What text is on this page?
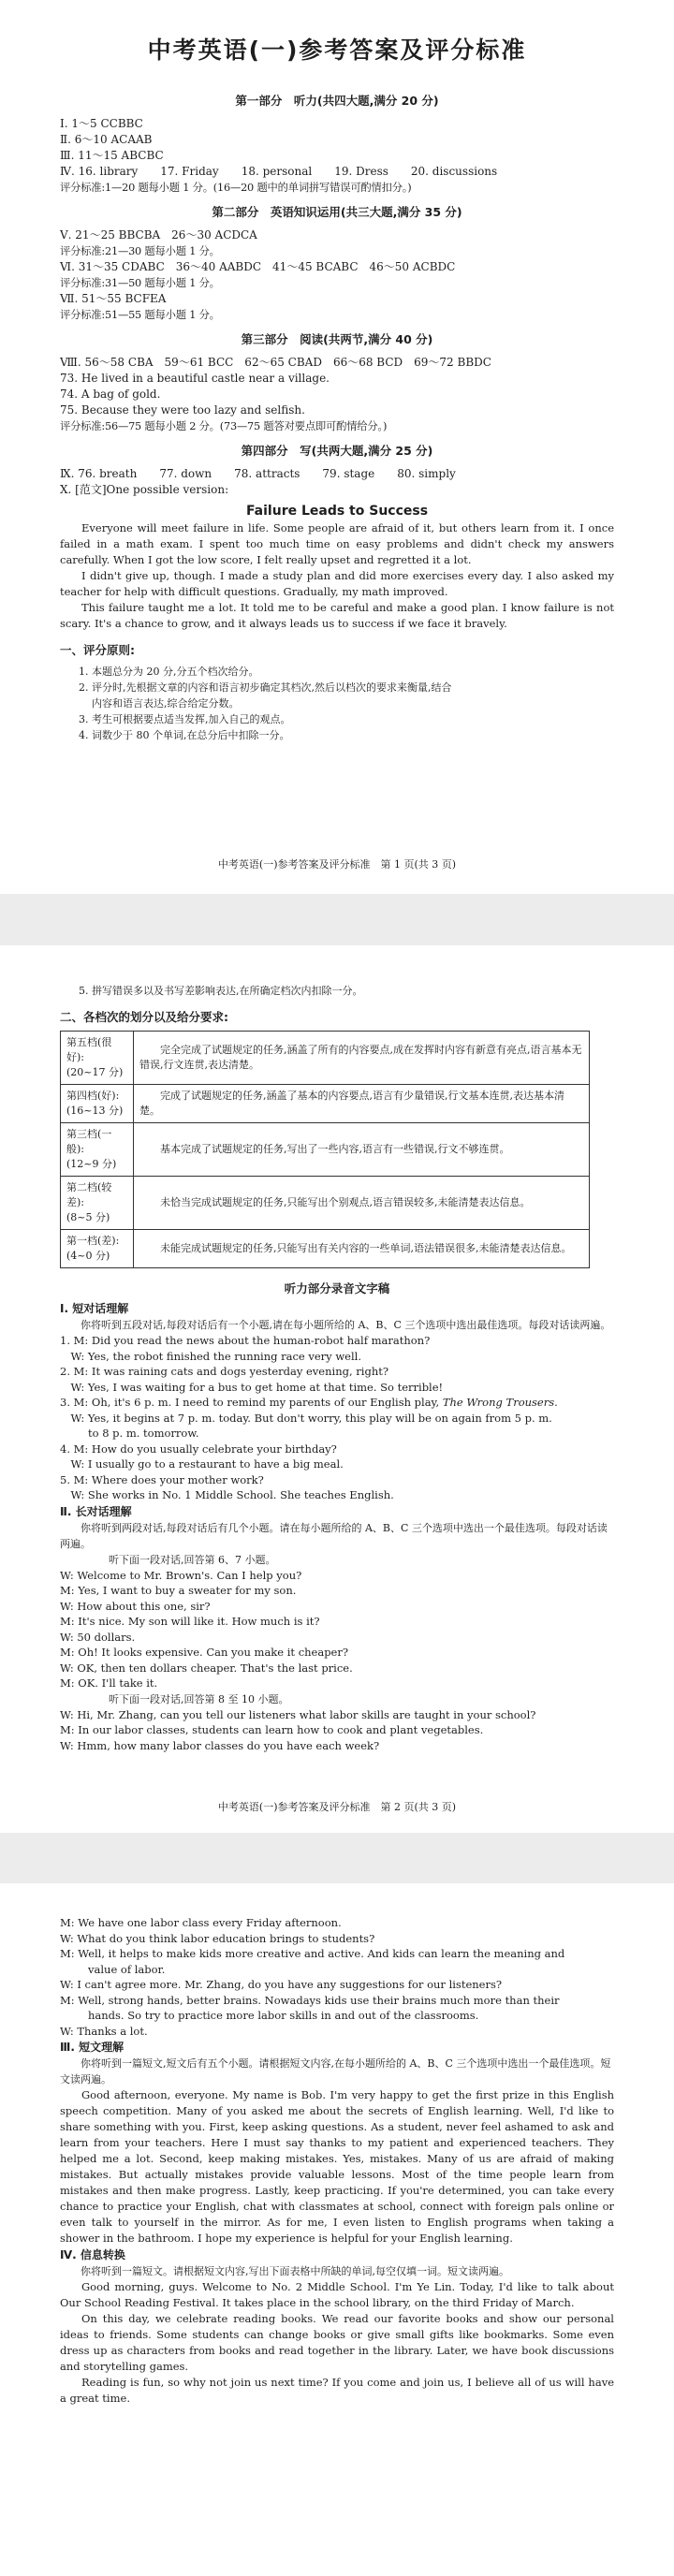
中考英语(一)参考答案及评分标准
第一部分　听力(共四大题,满分 20 分)
Ⅰ. 1～5 CCBBC
Ⅱ. 6～10 ACAAB
Ⅲ. 11～15 ABCBC
Ⅳ. 16. library　　17. Friday　　18. personal　　19. Dress　　20. discussions
评分标准:1—20 题每小题 1 分。(16—20 题中的单词拼写错误可酌情扣分。)
第二部分　英语知识运用(共三大题,满分 35 分)
Ⅴ. 21～25 BBCBA　26～30 ACDCA
评分标准:21—30 题每小题 1 分。
Ⅵ. 31～35 CDABC　36～40 AABDC　41～45 BCABC　46～50 ACBDC
评分标准:31—50 题每小题 1 分。
Ⅶ. 51～55 BCFEA
评分标准:51—55 题每小题 1 分。
第三部分　阅读(共两节,满分 40 分)
Ⅷ. 56～58 CBA　59～61 BCC　62～65 CBAD　66～68 BCD　69～72 BBDC
73. He lived in a beautiful castle near a village.
74. A bag of gold.
75. Because they were too lazy and selfish.
评分标准:56—75 题每小题 2 分。(73—75 题答对要点即可酌情给分。)
第四部分　写(共两大题,满分 25 分)
Ⅸ. 76. breath　　77. down　　78. attracts　　79. stage　　80. simply
Ⅹ. [范文]One possible version:
Failure Leads to Success

Everyone will meet failure in life. Some people are afraid of it, but others learn from it. I once failed in a math exam. I spent too much time on easy problems and didn't check my answers carefully. When I got the low score, I felt really upset and regretted it a lot.

I didn't give up, though. I made a study plan and did more exercises every day. I also asked my teacher for help with difficult questions. Gradually, my math improved.

This failure taught me a lot. It told me to be careful and make a good plan. I know failure is not scary. It's a chance to grow, and it always leads us to success if we face it bravely.

一、评分原则:
1. 本题总分为 20 分,分五个档次给分。
2. 评分时,先根据文章的内容和语言初步确定其档次,然后以档次的要求来衡量,结合
内容和语言表达,综合给定分数。
3. 考生可根据要点适当发挥,加入自己的观点。
4. 词数少于 80 个单词,在总分后中扣除一分。
中考英语(一)参考答案及评分标准　第 1 页(共 3 页)
5. 拼写错误多以及书写差影响表达,在所确定档次内扣除一分。
二、各档次的划分以及给分要求:
第五档(很好):
(20~17 分)	完全完成了试题规定的任务,涵盖了所有的内容要点,成在发挥时内容有新意有亮点,语言基本无错误,行文连贯,表达清楚。

第四档(好):
(16~13 分)	完成了试题规定的任务,涵盖了基本的内容要点,语言有少量错误,行文基本连贯,表达基本清楚。

第三档(一般):
(12~9 分)	基本完成了试题规定的任务,写出了一些内容,语言有一些错误,行文不够连贯。

第二档(较差):
(8~5 分)	未恰当完成试题规定的任务,只能写出个别观点,语言错误较多,未能清楚表达信息。

第一档(差):
(4~0 分)	未能完成试题规定的任务,只能写出有关内容的一些单词,语法错误很多,未能清楚表达信息。
听力部分录音文字稿
Ⅰ. 短对话理解
你将听到五段对话,每段对话后有一个小题,请在每小题所给的 A、B、C 三个选项中选出最佳选项。每段对话读两遍。
1. M: Did you read the news about the human-robot half marathon?
　W: Yes, the robot finished the running race very well.
2. M: It was raining cats and dogs yesterday evening, right?
　W: Yes, I was waiting for a bus to get home at that time. So terrible!
3. M: Oh, it's 6 p. m. I need to remind my parents of our English play, The Wrong Trousers.
　W: Yes, it begins at 7 p. m. today. But don't worry, this play will be on again from 5 p. m.
to 8 p. m. tomorrow.
4. M: How do you usually celebrate your birthday?
　W: I usually go to a restaurant to have a big meal.
5. M: Where does your mother work?
　W: She works in No. 1 Middle School. She teaches English.
Ⅱ. 长对话理解
你将听到两段对话,每段对话后有几个小题。请在每小题所给的 A、B、C 三个选项中选出一个最佳选项。每段对话读两遍。
听下面一段对话,回答第 6、7 小题。
W: Welcome to Mr. Brown's. Can I help you?
M: Yes, I want to buy a sweater for my son.
W: How about this one, sir?
M: It's nice. My son will like it. How much is it?
W: 50 dollars.
M: Oh! It looks expensive. Can you make it cheaper?
W: OK, then ten dollars cheaper. That's the last price.
M: OK. I'll take it.
听下面一段对话,回答第 8 至 10 小题。
W: Hi, Mr. Zhang, can you tell our listeners what labor skills are taught in your school?
M: In our labor classes, students can learn how to cook and plant vegetables.
W: Hmm, how many labor classes do you have each week?
中考英语(一)参考答案及评分标准　第 2 页(共 3 页)
M: We have one labor class every Friday afternoon.
W: What do you think labor education brings to students?
M: Well, it helps to make kids more creative and active. And kids can learn the meaning and
value of labor.
W: I can't agree more. Mr. Zhang, do you have any suggestions for our listeners?
M: Well, strong hands, better brains. Nowadays kids use their brains much more than their
hands. So try to practice more labor skills in and out of the classrooms.
W: Thanks a lot.
Ⅲ. 短文理解
你将听到一篇短文,短文后有五个小题。请根据短文内容,在每小题所给的 A、B、C 三个选项中选出一个最佳选项。短文读两遍。

Good afternoon, everyone. My name is Bob. I'm very happy to get the first prize in this English speech competition. Many of you asked me about the secrets of English learning. Well, I'd like to share something with you. First, keep asking questions. As a student, never feel ashamed to ask and learn from your teachers. Here I must say thanks to my patient and experienced teachers. They helped me a lot. Second, keep making mistakes. Yes, mistakes. Many of us are afraid of making mistakes. But actually mistakes provide valuable lessons. Most of the time people learn from mistakes and then make progress. Lastly, keep practicing. If you're determined, you can take every chance to practice your English, chat with classmates at school, connect with foreign pals online or even talk to yourself in the mirror. As for me, I even listen to English programs when taking a shower in the bathroom. I hope my experience is helpful for your English learning.

Ⅳ. 信息转换
你将听到一篇短文。请根据短文内容,写出下面表格中所缺的单词,每空仅填一词。短文读两遍。

Good morning, guys. Welcome to No. 2 Middle School. I'm Ye Lin. Today, I'd like to talk about Our School Reading Festival. It takes place in the school library, on the third Friday of March.

On this day, we celebrate reading books. We read our favorite books and show our personal ideas to friends. Some students can change books or give small gifts like bookmarks. Some even dress up as characters from books and read together in the library. Later, we have book discussions and storytelling games.

Reading is fun, so why not join us next time? If you come and join us, I believe all of us will have a great time.
